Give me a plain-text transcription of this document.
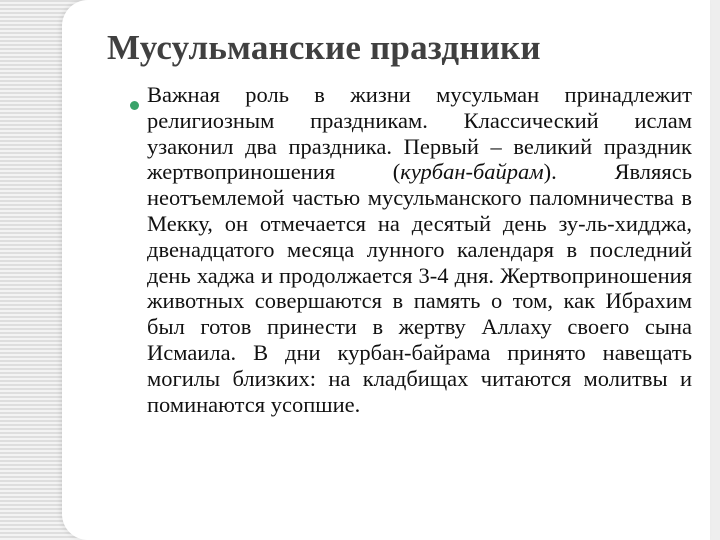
Мусульманские праздники

Важная роль в жизни мусульман принадлежит религиозным праздникам. Классический ислам узаконил два праздника. Первый – великий праздник жертвоприношения (курбан-байрам). Являясь неотъемлемой частью мусульманского паломничества в Мекку, он отмечается на десятый день зу-ль-хидджа, двенадцатого месяца лунного календаря в последний день хаджа и продолжается 3-4 дня. Жертвоприношения животных совершаются в память о том, как Ибрахим был готов принести в жертву Аллаху своего сына Исмаила. В дни курбан-байрама принято навещать могилы близких: на кладбищах читаются молитвы и поминаются усопшие.
